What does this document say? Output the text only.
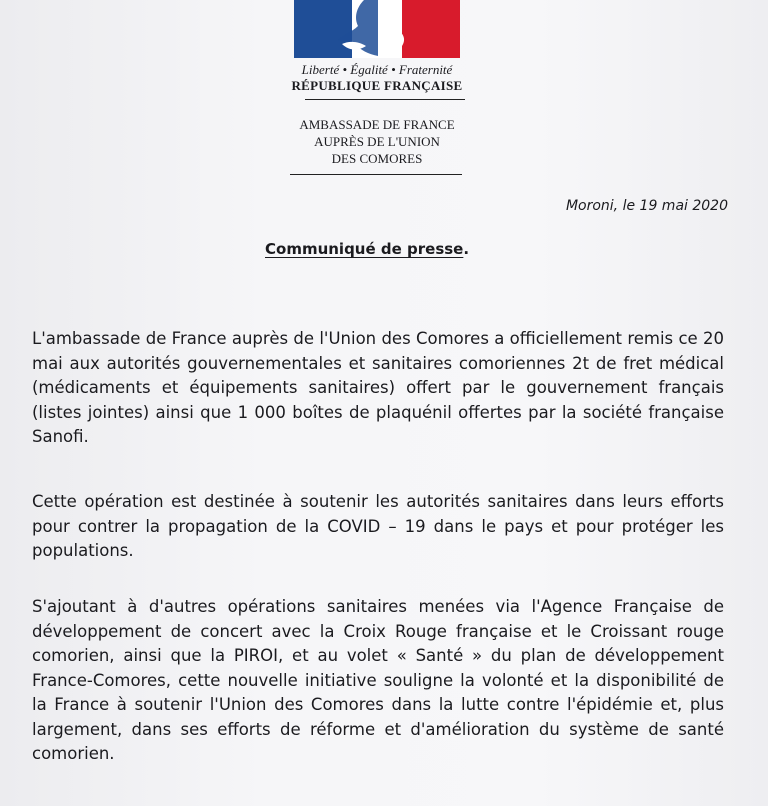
Liberté • Égalité • Fraternité
RÉPUBLIQUE FRANÇAISE
AMBASSADE DE FRANCE
AUPRÈS DE L'UNION
DES COMORES
Moroni, le 19 mai 2020
Communiqué de presse.
L'ambassade de France auprès de l'Union des Comores a officiellement remis ce 20 mai aux autorités gouvernementales et sanitaires comoriennes 2t de fret médical (médicaments et équipements sanitaires) offert par le gouvernement français (listes jointes) ainsi que 1 000 boîtes de plaquénil offertes par la société française Sanofi.
Cette opération est destinée à soutenir les autorités sanitaires dans leurs efforts pour contrer la propagation de la COVID – 19 dans le pays et pour protéger les populations.
S'ajoutant à d'autres opérations sanitaires menées via l'Agence Française de développement de concert avec la Croix Rouge française et le Croissant rouge comorien, ainsi que la PIROI, et au volet « Santé » du plan de développement France-Comores, cette nouvelle initiative souligne la volonté et la disponibilité de la France à soutenir l'Union des Comores dans la lutte contre l'épidémie et, plus largement, dans ses efforts de réforme et d'amélioration du système de santé comorien.
